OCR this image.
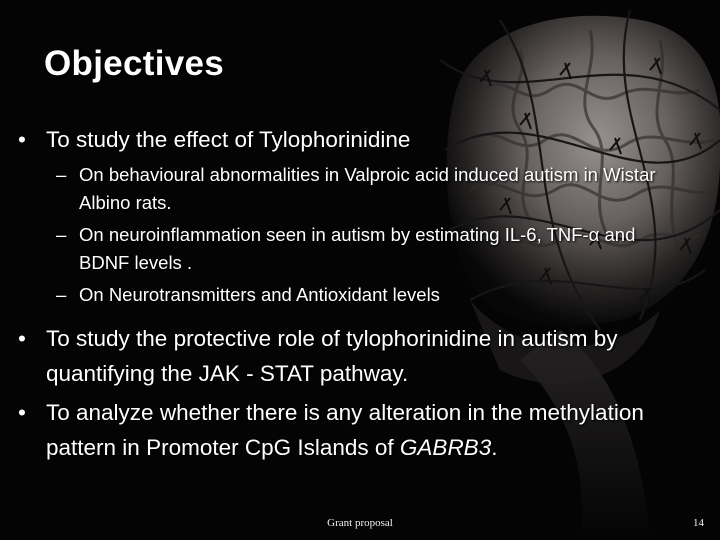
Objectives
• To study the effect of Tylophorinidine
– On behavioural abnormalities in Valproic acid induced autism in Wistar Albino rats.
– On neuroinflammation seen in autism by estimating IL-6, TNF-α and BDNF levels .
– On Neurotransmitters and Antioxidant levels
• To study the protective role of tylophorinidine in autism by quantifying the JAK - STAT pathway.
• To analyze whether there is any alteration in the methylation pattern in Promoter CpG Islands of GABRB3.
Grant proposal	14
